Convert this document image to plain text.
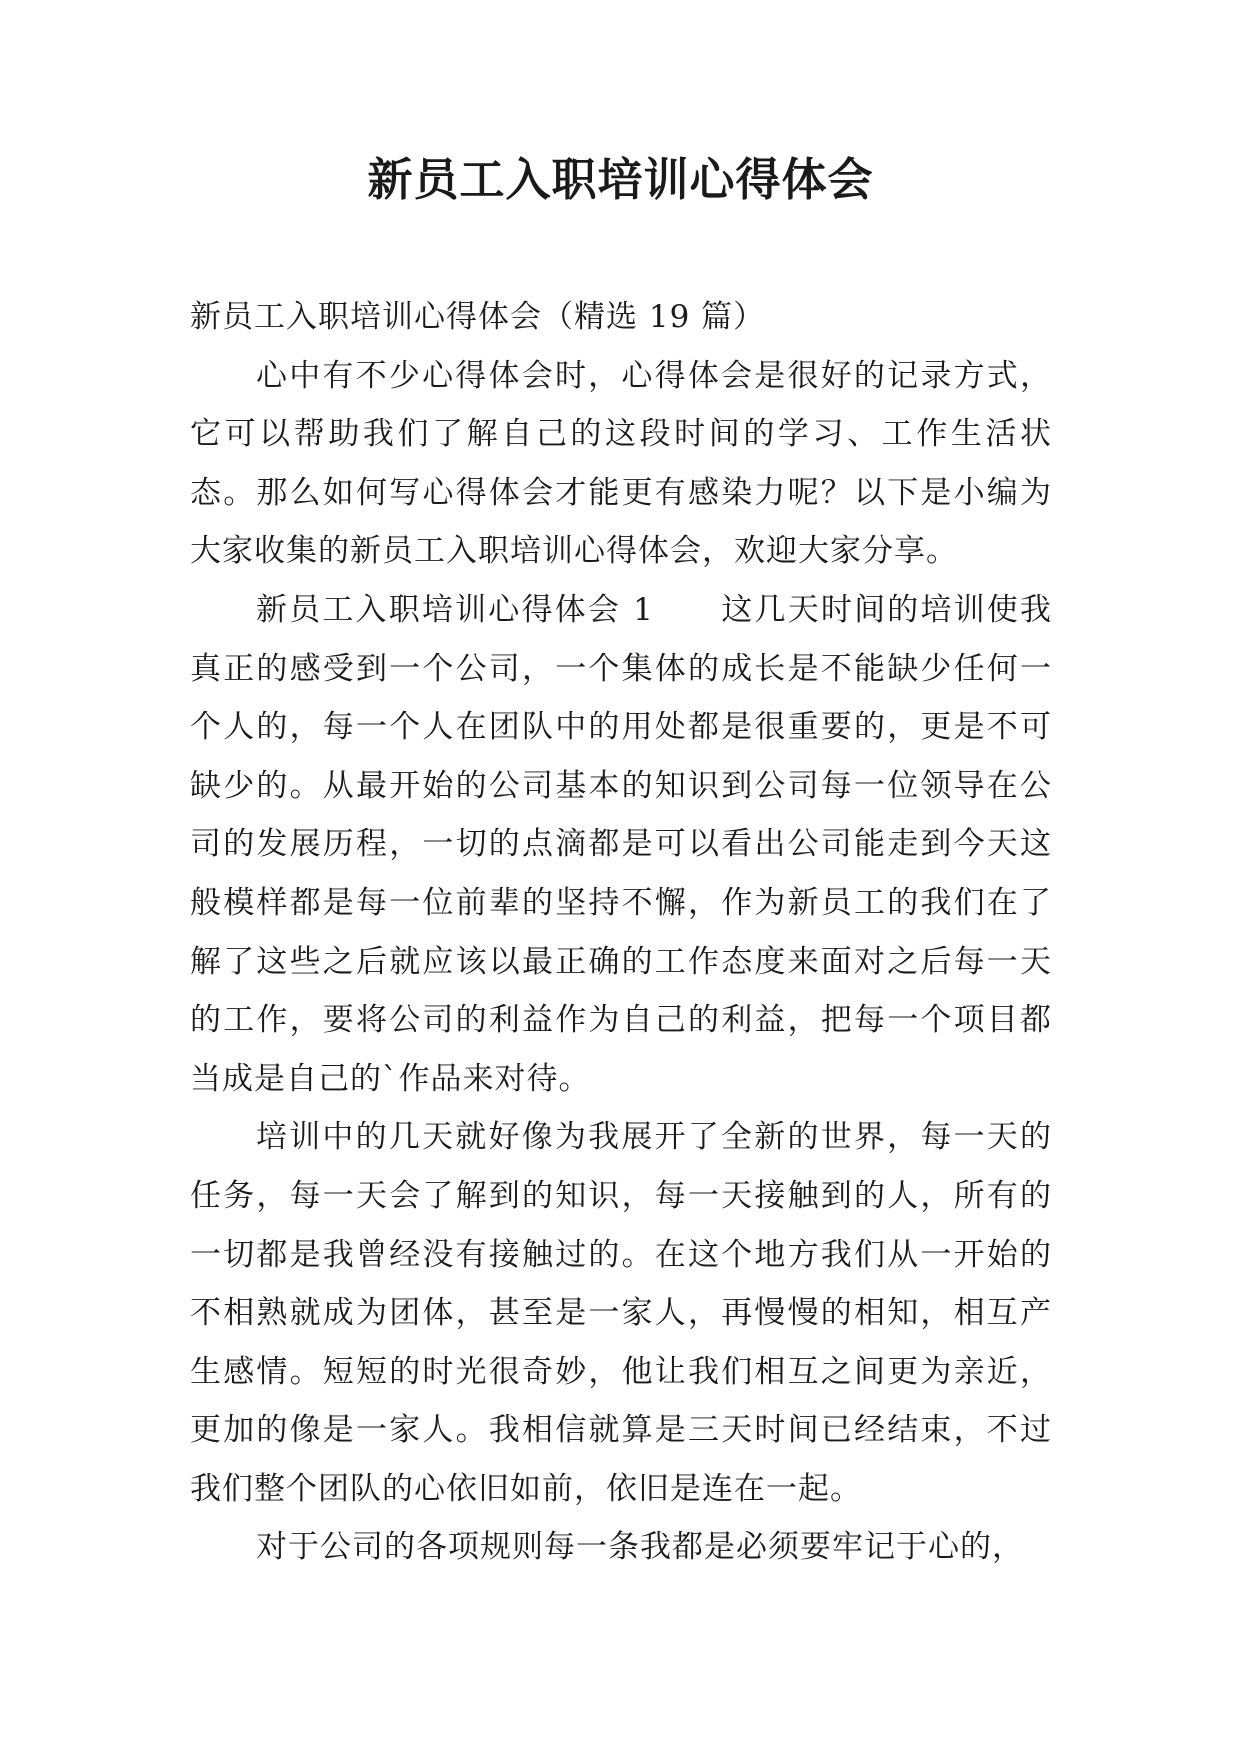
新员工入职培训心得体会

新员工入职培训心得体会（精选 19 篇）

心中有不少心得体会时，心得体会是很好的记录方式，它可以帮助我们了解自己的这段时间的学习、工作生活状态。那么如何写心得体会才能更有感染力呢？以下是小编为大家收集的新员工入职培训心得体会，欢迎大家分享。

新员工入职培训心得体会 1　　这几天时间的培训使我真正的感受到一个公司，一个集体的成长是不能缺少任何一个人的，每一个人在团队中的用处都是很重要的，更是不可缺少的。从最开始的公司基本的知识到公司每一位领导在公司的发展历程，一切的点滴都是可以看出公司能走到今天这般模样都是每一位前辈的坚持不懈，作为新员工的我们在了解了这些之后就应该以最正确的工作态度来面对之后每一天的工作，要将公司的利益作为自己的利益，把每一个项目都当成是自己的`作品来对待。

培训中的几天就好像为我展开了全新的世界，每一天的任务，每一天会了解到的知识，每一天接触到的人，所有的一切都是我曾经没有接触过的。在这个地方我们从一开始的不相熟就成为团体，甚至是一家人，再慢慢的相知，相互产生感情。短短的时光很奇妙，他让我们相互之间更为亲近，更加的像是一家人。我相信就算是三天时间已经结束，不过我们整个团队的心依旧如前，依旧是连在一起。

对于公司的各项规则每一条我都是必须要牢记于心的，
